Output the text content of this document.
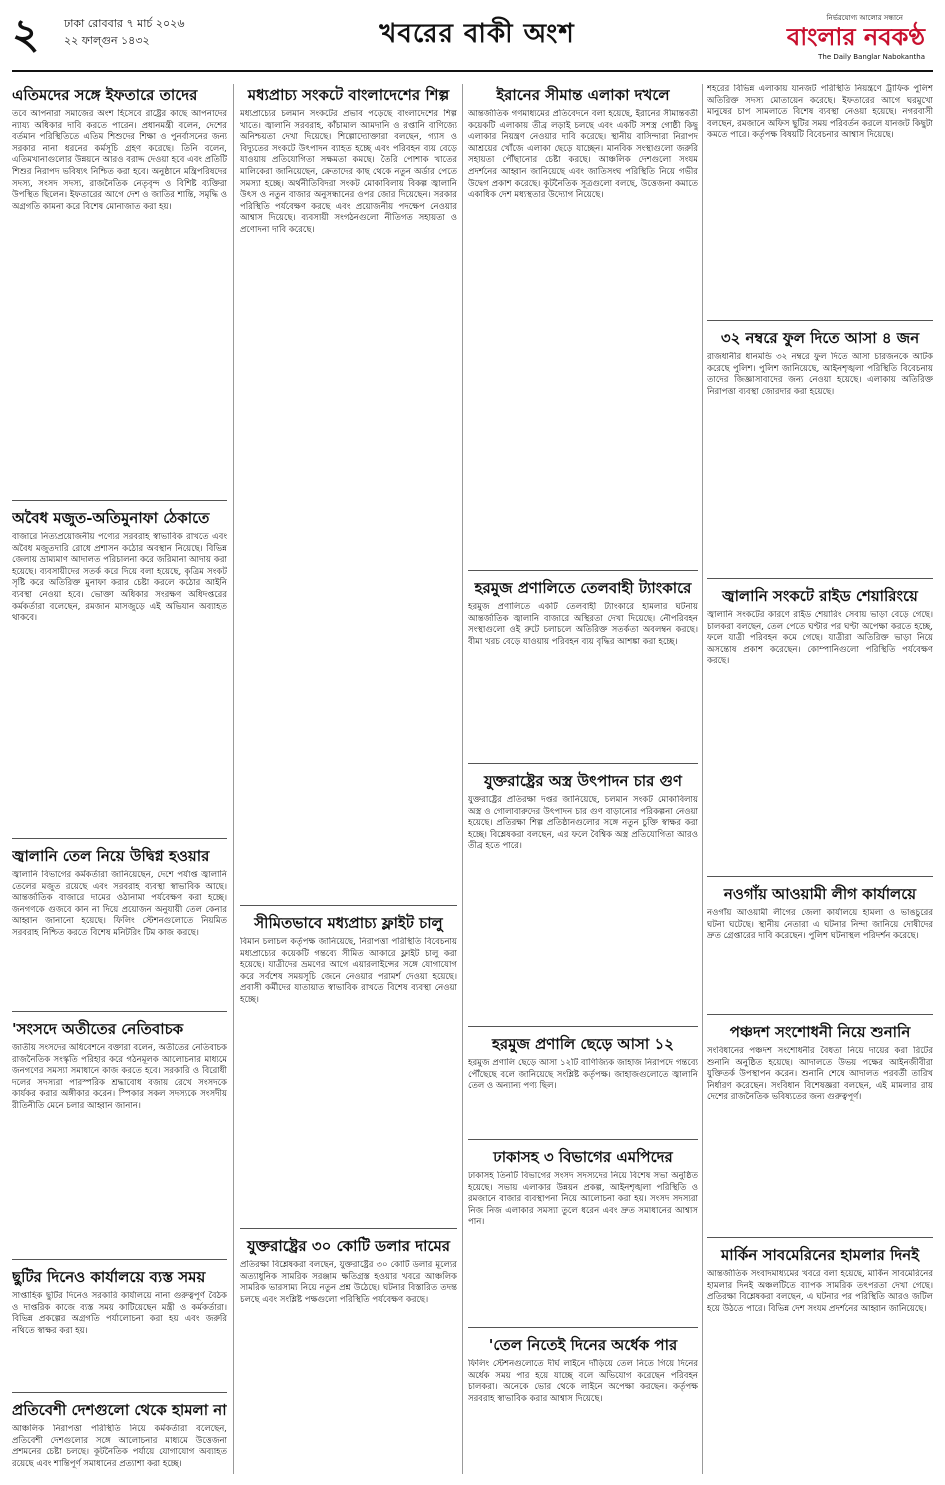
২ ঢাকা রোববার ৭ মার্চ ২০২৬
২২ ফাল্গুন ১৪৩২	খবরের বাকী অংশ
নির্ভরযোগ্য আলোর সন্ধানে
বাংলার নবকণ্ঠ
The Daily Banglar Nabokantha
এতিমদের সঙ্গে ইফতারে তাদের
তবে আপনারা সমাজের অংশ হিসেবে রাষ্ট্রের কাছে আপনাদের ন্যায্য অধিকার দাবি করতে পারেন। প্রধানমন্ত্রী বলেন, দেশের বর্তমান পরিস্থিতিতে এতিম শিশুদের শিক্ষা ও পুনর্বাসনের জন্য সরকার নানা ধরনের কর্মসূচি গ্রহণ করেছে। তিনি বলেন, এতিমখানাগুলোর উন্নয়নে আরও বরাদ্দ দেওয়া হবে এবং প্রতিটি শিশুর নিরাপদ ভবিষ্যৎ নিশ্চিত করা হবে। অনুষ্ঠানে মন্ত্রিপরিষদের সদস্য, সংসদ সদস্য, রাজনৈতিক নেতৃবৃন্দ ও বিশিষ্ট ব্যক্তিরা উপস্থিত ছিলেন। ইফতারের আগে দেশ ও জাতির শান্তি, সমৃদ্ধি ও অগ্রগতি কামনা করে বিশেষ মোনাজাত করা হয়।
অবৈধ মজুত-অতিমুনাফা ঠেকাতে
বাজারে নিত্যপ্রয়োজনীয় পণ্যের সরবরাহ স্বাভাবিক রাখতে এবং অবৈধ মজুতদারি রোধে প্রশাসন কঠোর অবস্থান নিয়েছে। বিভিন্ন জেলায় ভ্রাম্যমাণ আদালত পরিচালনা করে জরিমানা আদায় করা হয়েছে। ব্যবসায়ীদের সতর্ক করে দিয়ে বলা হয়েছে, কৃত্রিম সংকট সৃষ্টি করে অতিরিক্ত মুনাফা করার চেষ্টা করলে কঠোর আইনি ব্যবস্থা নেওয়া হবে। ভোক্তা অধিকার সংরক্ষণ অধিদপ্তরের কর্মকর্তারা বলেছেন, রমজান মাসজুড়ে এই অভিযান অব্যাহত থাকবে।
জ্বালানি তেল নিয়ে উদ্বিগ্ন হওয়ার
জ্বালানি বিভাগের কর্মকর্তারা জানিয়েছেন, দেশে পর্যাপ্ত জ্বালানি তেলের মজুত রয়েছে এবং সরবরাহ ব্যবস্থা স্বাভাবিক আছে। আন্তর্জাতিক বাজারে দামের ওঠানামা পর্যবেক্ষণ করা হচ্ছে। জনগণকে গুজবে কান না দিয়ে প্রয়োজন অনুযায়ী তেল কেনার আহ্বান জানানো হয়েছে। ফিলিং স্টেশনগুলোতে নিয়মিত সরবরাহ নিশ্চিত করতে বিশেষ মনিটরিং টিম কাজ করছে।
'সংসদে অতীতের নেতিবাচক
জাতীয় সংসদের অধিবেশনে বক্তারা বলেন, অতীতের নেতিবাচক রাজনৈতিক সংস্কৃতি পরিহার করে গঠনমূলক আলোচনার মাধ্যমে জনগণের সমস্যা সমাধানে কাজ করতে হবে। সরকারি ও বিরোধী দলের সদস্যরা পারস্পরিক শ্রদ্ধাবোধ বজায় রেখে সংসদকে কার্যকর করার অঙ্গীকার করেন। স্পিকার সকল সদস্যকে সংসদীয় রীতিনীতি মেনে চলার আহ্বান জানান।
ছুটির দিনেও কার্যালয়ে ব্যস্ত সময়
সাপ্তাহিক ছুটির দিনেও সরকারি কার্যালয়ে নানা গুরুত্বপূর্ণ বৈঠক ও দাপ্তরিক কাজে ব্যস্ত সময় কাটিয়েছেন মন্ত্রী ও কর্মকর্তারা। বিভিন্ন প্রকল্পের অগ্রগতি পর্যালোচনা করা হয় এবং জরুরি নথিতে স্বাক্ষর করা হয়।
প্রতিবেশী দেশগুলো থেকে হামলা না
আঞ্চলিক নিরাপত্তা পরিস্থিতি নিয়ে কর্মকর্তারা বলেছেন, প্রতিবেশী দেশগুলোর সঙ্গে আলোচনার মাধ্যমে উত্তেজনা প্রশমনের চেষ্টা চলছে। কূটনৈতিক পর্যায়ে যোগাযোগ অব্যাহত রয়েছে এবং শান্তিপূর্ণ সমাধানের প্রত্যাশা করা হচ্ছে।
মধ্যপ্রাচ্য সংকটে বাংলাদেশের শিল্প
মধ্যপ্রাচ্যের চলমান সংকটের প্রভাব পড়েছে বাংলাদেশের শিল্প খাতে। জ্বালানি সরবরাহ, কাঁচামাল আমদানি ও রপ্তানি বাণিজ্যে অনিশ্চয়তা দেখা দিয়েছে। শিল্পোদ্যোক্তারা বলছেন, গ্যাস ও বিদ্যুতের সংকটে উৎপাদন ব্যাহত হচ্ছে এবং পরিবহন ব্যয় বেড়ে যাওয়ায় প্রতিযোগিতা সক্ষমতা কমছে। তৈরি পোশাক খাতের মালিকেরা জানিয়েছেন, ক্রেতাদের কাছ থেকে নতুন অর্ডার পেতে সমস্যা হচ্ছে। অর্থনীতিবিদরা সংকট মোকাবিলায় বিকল্প জ্বালানি উৎস ও নতুন বাজার অনুসন্ধানের ওপর জোর দিয়েছেন। সরকার পরিস্থিতি পর্যবেক্ষণ করছে এবং প্রয়োজনীয় পদক্ষেপ নেওয়ার আশ্বাস দিয়েছে। ব্যবসায়ী সংগঠনগুলো নীতিগত সহায়তা ও প্রণোদনা দাবি করেছে।
সীমিতভাবে মধ্যপ্রাচ্য ফ্লাইট চালু
বিমান চলাচল কর্তৃপক্ষ জানিয়েছে, নিরাপত্তা পরিস্থিতি বিবেচনায় মধ্যপ্রাচ্যের কয়েকটি গন্তব্যে সীমিত আকারে ফ্লাইট চালু করা হয়েছে। যাত্রীদের ভ্রমণের আগে এয়ারলাইন্সের সঙ্গে যোগাযোগ করে সর্বশেষ সময়সূচি জেনে নেওয়ার পরামর্শ দেওয়া হয়েছে। প্রবাসী কর্মীদের যাতায়াত স্বাভাবিক রাখতে বিশেষ ব্যবস্থা নেওয়া হচ্ছে।
যুক্তরাষ্ট্রের ৩০ কোটি ডলার দামের
প্রতিরক্ষা বিশ্লেষকরা বলছেন, যুক্তরাষ্ট্রের ৩০ কোটি ডলার মূল্যের অত্যাধুনিক সামরিক সরঞ্জাম ক্ষতিগ্রস্ত হওয়ার খবরে আঞ্চলিক সামরিক ভারসাম্য নিয়ে নতুন প্রশ্ন উঠেছে। ঘটনার বিস্তারিত তদন্ত চলছে এবং সংশ্লিষ্ট পক্ষগুলো পরিস্থিতি পর্যবেক্ষণ করছে।
ইরানের সীমান্ত এলাকা দখলে
আন্তর্জাতিক গণমাধ্যমের প্রতিবেদনে বলা হয়েছে, ইরানের সীমান্তবর্তী কয়েকটি এলাকায় তীব্র লড়াই চলছে এবং একটি সশস্ত্র গোষ্ঠী কিছু এলাকার নিয়ন্ত্রণ নেওয়ার দাবি করেছে। স্থানীয় বাসিন্দারা নিরাপদ আশ্রয়ের খোঁজে এলাকা ছেড়ে যাচ্ছেন। মানবিক সংস্থাগুলো জরুরি সহায়তা পৌঁছানোর চেষ্টা করছে। আঞ্চলিক দেশগুলো সংযম প্রদর্শনের আহ্বান জানিয়েছে এবং জাতিসংঘ পরিস্থিতি নিয়ে গভীর উদ্বেগ প্রকাশ করেছে। কূটনৈতিক সূত্রগুলো বলছে, উত্তেজনা কমাতে একাধিক দেশ মধ্যস্থতার উদ্যোগ নিয়েছে।
হরমুজ প্রণালিতে তেলবাহী ট্যাংকারে
হরমুজ প্রণালিতে একটি তেলবাহী ট্যাংকারে হামলার ঘটনায় আন্তর্জাতিক জ্বালানি বাজারে অস্থিরতা দেখা দিয়েছে। নৌপরিবহন সংস্থাগুলো ওই রুটে চলাচলে অতিরিক্ত সতর্কতা অবলম্বন করছে। বীমা খরচ বেড়ে যাওয়ায় পরিবহন ব্যয় বৃদ্ধির আশঙ্কা করা হচ্ছে।
যুক্তরাষ্ট্রের অস্ত্র উৎপাদন চার গুণ
যুক্তরাষ্ট্রের প্রতিরক্ষা দপ্তর জানিয়েছে, চলমান সংকট মোকাবিলায় অস্ত্র ও গোলাবারুদের উৎপাদন চার গুণ বাড়ানোর পরিকল্পনা নেওয়া হয়েছে। প্রতিরক্ষা শিল্প প্রতিষ্ঠানগুলোর সঙ্গে নতুন চুক্তি স্বাক্ষর করা হচ্ছে। বিশ্লেষকরা বলছেন, এর ফলে বৈশ্বিক অস্ত্র প্রতিযোগিতা আরও তীব্র হতে পারে।
হরমুজ প্রণালি ছেড়ে আসা ১২
হরমুজ প্রণালি ছেড়ে আসা ১২টি বাণিজ্যিক জাহাজ নিরাপদে গন্তব্যে পৌঁছেছে বলে জানিয়েছে সংশ্লিষ্ট কর্তৃপক্ষ। জাহাজগুলোতে জ্বালানি তেল ও অন্যান্য পণ্য ছিল।
ঢাকাসহ ৩ বিভাগের এমপিদের
ঢাকাসহ তিনটি বিভাগের সংসদ সদস্যদের নিয়ে বিশেষ সভা অনুষ্ঠিত হয়েছে। সভায় এলাকার উন্নয়ন প্রকল্প, আইনশৃঙ্খলা পরিস্থিতি ও রমজানে বাজার ব্যবস্থাপনা নিয়ে আলোচনা করা হয়। সংসদ সদস্যরা নিজ নিজ এলাকার সমস্যা তুলে ধরেন এবং দ্রুত সমাধানের আশ্বাস পান।
'তেল নিতেই দিনের অর্ধেক পার
ফিলিং স্টেশনগুলোতে দীর্ঘ লাইনে দাঁড়িয়ে তেল নিতে গিয়ে দিনের অর্ধেক সময় পার হয়ে যাচ্ছে বলে অভিযোগ করেছেন পরিবহন চালকরা। অনেকে ভোর থেকে লাইনে অপেক্ষা করছেন। কর্তৃপক্ষ সরবরাহ স্বাভাবিক করার আশ্বাস দিয়েছে।
শহরের বিভিন্ন এলাকায় যানজট পরিস্থিতি নিয়ন্ত্রণে ট্রাফিক পুলিশ অতিরিক্ত সদস্য মোতায়েন করেছে। ইফতারের আগে ঘরমুখো মানুষের চাপ সামলাতে বিশেষ ব্যবস্থা নেওয়া হয়েছে। নগরবাসী বলছেন, রমজানে অফিস ছুটির সময় পরিবর্তন করলে যানজট কিছুটা কমতে পারে। কর্তৃপক্ষ বিষয়টি বিবেচনার আশ্বাস দিয়েছে।
৩২ নম্বরে ফুল দিতে আসা ৪ জন
রাজধানীর ধানমন্ডি ৩২ নম্বরে ফুল দিতে আসা চারজনকে আটক করেছে পুলিশ। পুলিশ জানিয়েছে, আইনশৃঙ্খলা পরিস্থিতি বিবেচনায় তাদের জিজ্ঞাসাবাদের জন্য নেওয়া হয়েছে। এলাকায় অতিরিক্ত নিরাপত্তা ব্যবস্থা জোরদার করা হয়েছে।
জ্বালানি সংকটে রাইড শেয়ারিংয়ে
জ্বালানি সংকটের কারণে রাইড শেয়ারিং সেবায় ভাড়া বেড়ে গেছে। চালকরা বলছেন, তেল পেতে ঘণ্টার পর ঘণ্টা অপেক্ষা করতে হচ্ছে, ফলে যাত্রী পরিবহন কমে গেছে। যাত্রীরা অতিরিক্ত ভাড়া নিয়ে অসন্তোষ প্রকাশ করেছেন। কোম্পানিগুলো পরিস্থিতি পর্যবেক্ষণ করছে।
নওগাঁয় আওয়ামী লীগ কার্যালয়ে
নওগাঁয় আওয়ামী লীগের জেলা কার্যালয়ে হামলা ও ভাঙচুরের ঘটনা ঘটেছে। স্থানীয় নেতারা এ ঘটনার নিন্দা জানিয়ে দোষীদের দ্রুত গ্রেপ্তারের দাবি করেছেন। পুলিশ ঘটনাস্থল পরিদর্শন করেছে।
পঞ্চদশ সংশোধনী নিয়ে শুনানি
সংবিধানের পঞ্চদশ সংশোধনীর বৈধতা নিয়ে দায়ের করা রিটের শুনানি অনুষ্ঠিত হয়েছে। আদালতে উভয় পক্ষের আইনজীবীরা যুক্তিতর্ক উপস্থাপন করেন। শুনানি শেষে আদালত পরবর্তী তারিখ নির্ধারণ করেছেন। সংবিধান বিশেষজ্ঞরা বলছেন, এই মামলার রায় দেশের রাজনৈতিক ভবিষ্যতের জন্য গুরুত্বপূর্ণ।
মার্কিন সাবমেরিনের হামলার দিনই
আন্তর্জাতিক সংবাদমাধ্যমের খবরে বলা হয়েছে, মার্কিন সাবমেরিনের হামলার দিনই অঞ্চলটিতে ব্যাপক সামরিক তৎপরতা দেখা গেছে। প্রতিরক্ষা বিশ্লেষকরা বলছেন, এ ঘটনার পর পরিস্থিতি আরও জটিল হয়ে উঠতে পারে। বিভিন্ন দেশ সংযম প্রদর্শনের আহ্বান জানিয়েছে।
